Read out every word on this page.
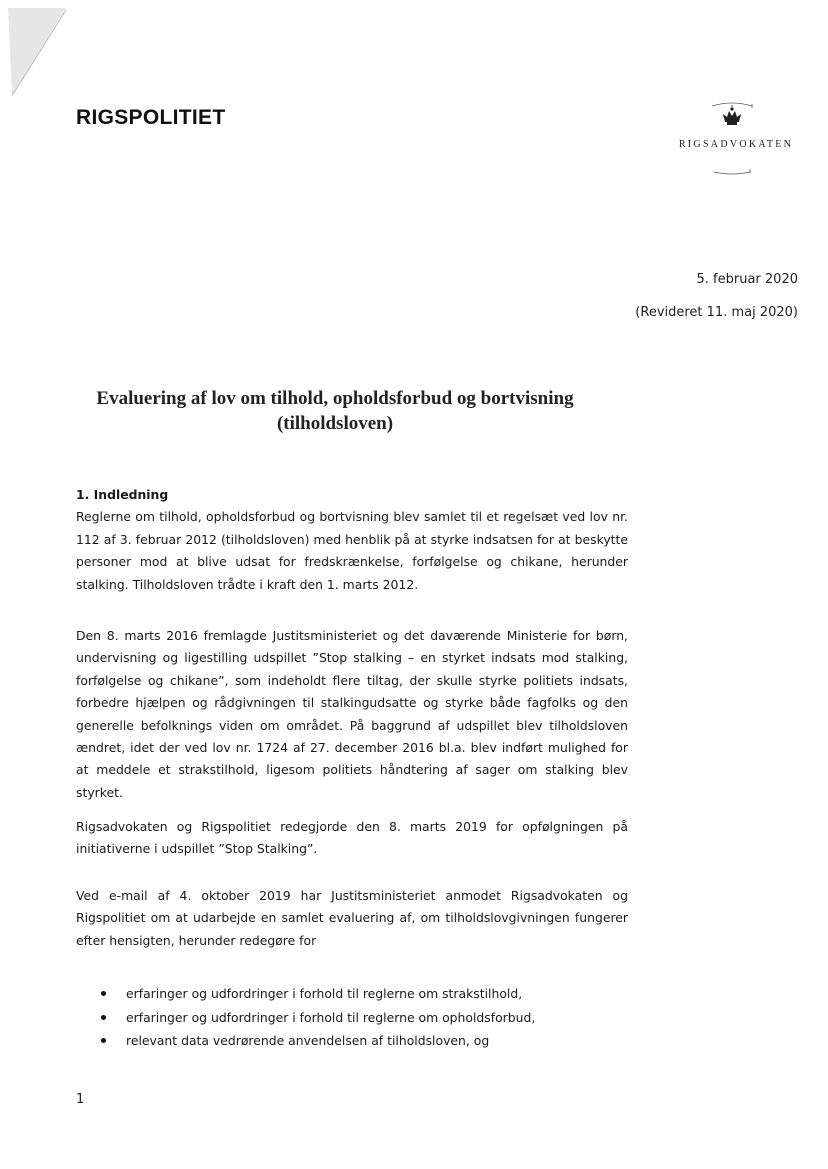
RIGSPOLITIET
RIGSADVOKATEN
5. februar 2020
(Revideret 11. maj 2020)
Evaluering af lov om tilhold, opholdsforbud og bortvisning
(tilholdsloven)
1. Indledning
Reglerne om tilhold, opholdsforbud og bortvisning blev samlet til et regelsæt ved lov nr. 112 af 3. februar 2012 (tilholdsloven) med henblik på at styrke indsatsen for at beskytte personer mod at blive udsat for fredskrænkelse, forfølgelse og chikane, herunder stalking. Tilholdsloven trådte i kraft den 1. marts 2012.
Den 8. marts 2016 fremlagde Justitsministeriet og det daværende Ministerie for børn, undervisning og ligestilling udspillet ”Stop stalking – en styrket indsats mod stalking, forfølgelse og chikane”, som indeholdt flere tiltag, der skulle styrke politiets indsats, forbedre hjælpen og rådgivningen til stalkingudsatte og styrke både fagfolks og den generelle befolknings viden om området. På baggrund af udspillet blev tilholdsloven ændret, idet der ved lov nr. 1724 af 27. december 2016 bl.a. blev indført mulighed for at meddele et strakstilhold, ligesom politiets håndtering af sager om stalking blev styrket.
Rigsadvokaten og Rigspolitiet redegjorde den 8. marts 2019 for opfølgningen på initiativerne i udspillet ”Stop Stalking”.
Ved e-mail af 4. oktober 2019 har Justitsministeriet anmodet Rigsadvokaten og Rigspolitiet om at udarbejde en samlet evaluering af, om tilholdslovgivningen fungerer efter hensigten, herunder redegøre for
erfaringer og udfordringer i forhold til reglerne om strakstilhold,
erfaringer og udfordringer i forhold til reglerne om opholdsforbud,
relevant data vedrørende anvendelsen af tilholdsloven, og
1
